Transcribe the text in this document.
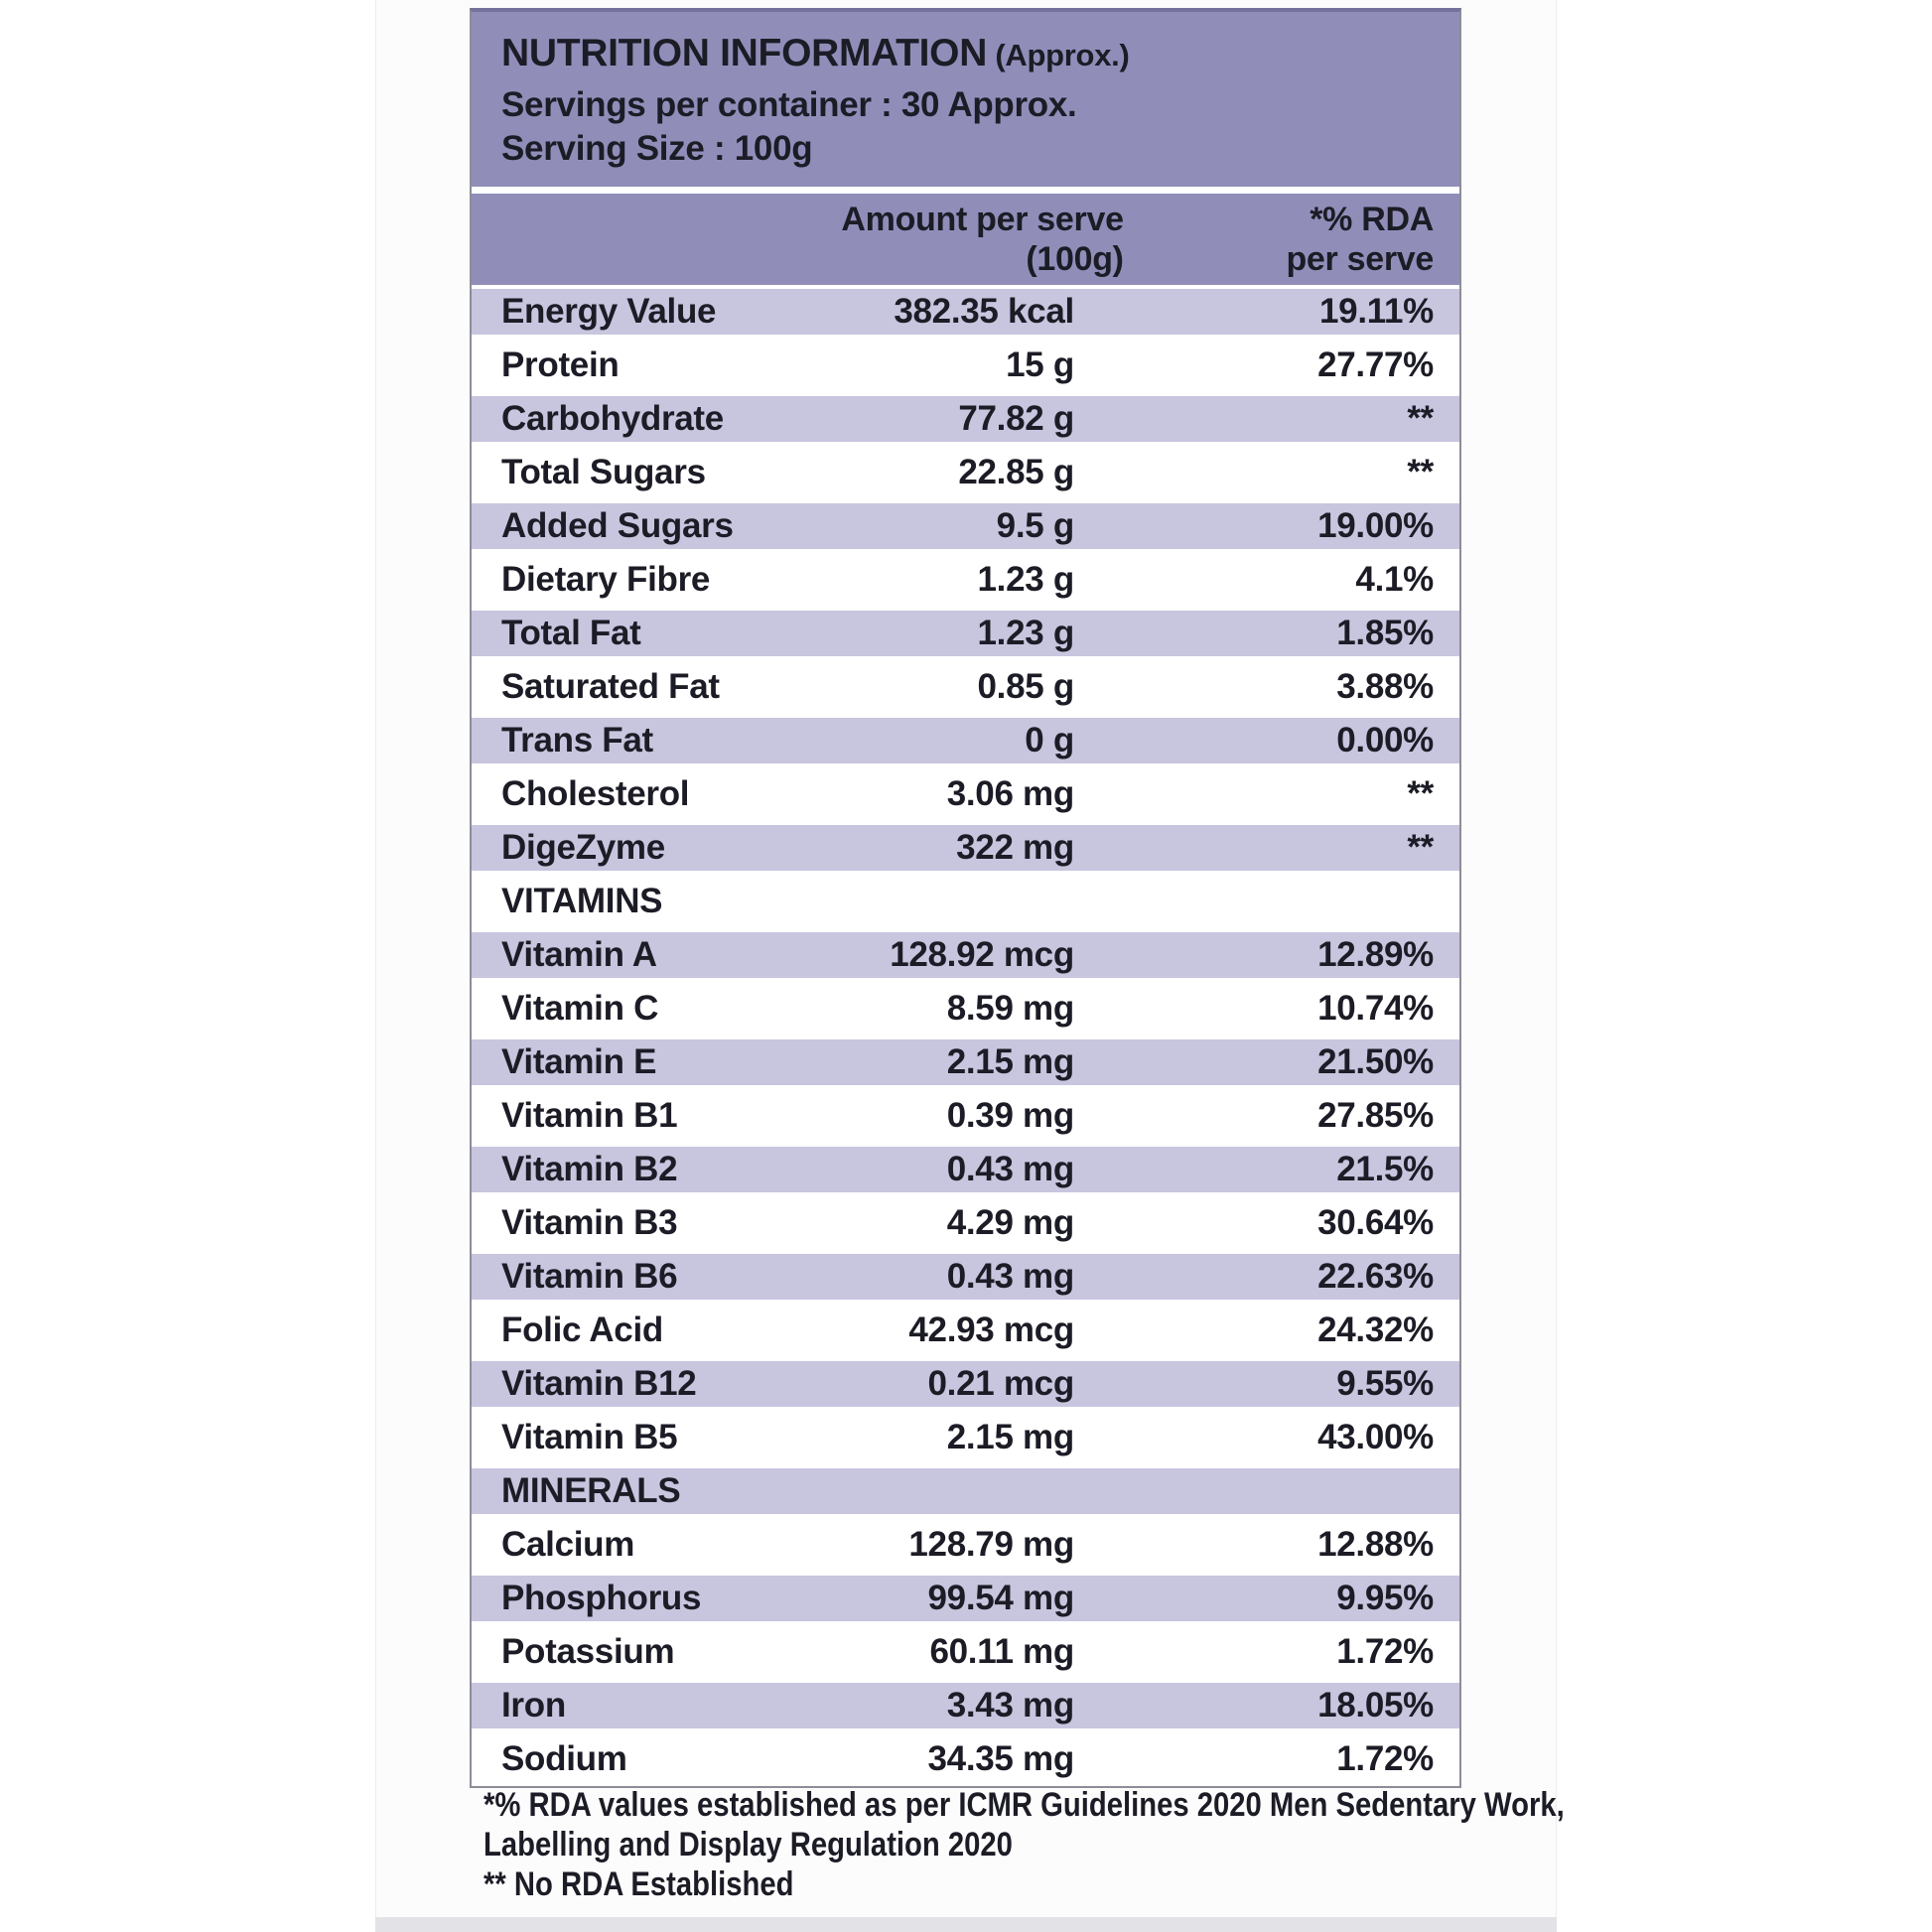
NUTRITION INFORMATION (Approx.)
Servings per container : 30 Approx.
Serving Size : 100g
Amount per serve
(100g)
*% RDA
per serve
Energy Value	382.35 kcal	19.11%
Protein	15 g	27.77%
Carbohydrate	77.82 g	**
Total Sugars	22.85 g	**
Added Sugars	9.5 g	19.00%
Dietary Fibre	1.23 g	4.1%
Total Fat	1.23 g	1.85%
Saturated Fat	0.85 g	3.88%
Trans Fat	0 g	0.00%
Cholesterol	3.06 mg	**
DigeZyme	322 mg	**
VITAMINS
Vitamin A	128.92 mcg	12.89%
Vitamin C	8.59 mg	10.74%
Vitamin E	2.15 mg	21.50%
Vitamin B1	0.39 mg	27.85%
Vitamin B2	0.43 mg	21.5%
Vitamin B3	4.29 mg	30.64%
Vitamin B6	0.43 mg	22.63%
Folic Acid	42.93 mcg	24.32%
Vitamin B12	0.21 mcg	9.55%
Vitamin B5	2.15 mg	43.00%
MINERALS
Calcium	128.79 mg	12.88%
Phosphorus	99.54 mg	9.95%
Potassium	60.11 mg	1.72%
Iron	3.43 mg	18.05%
Sodium	34.35 mg	1.72%
*% RDA values established as per ICMR Guidelines 2020 Men Sedentary Work,
Labelling and Display Regulation 2020
** No RDA Established
